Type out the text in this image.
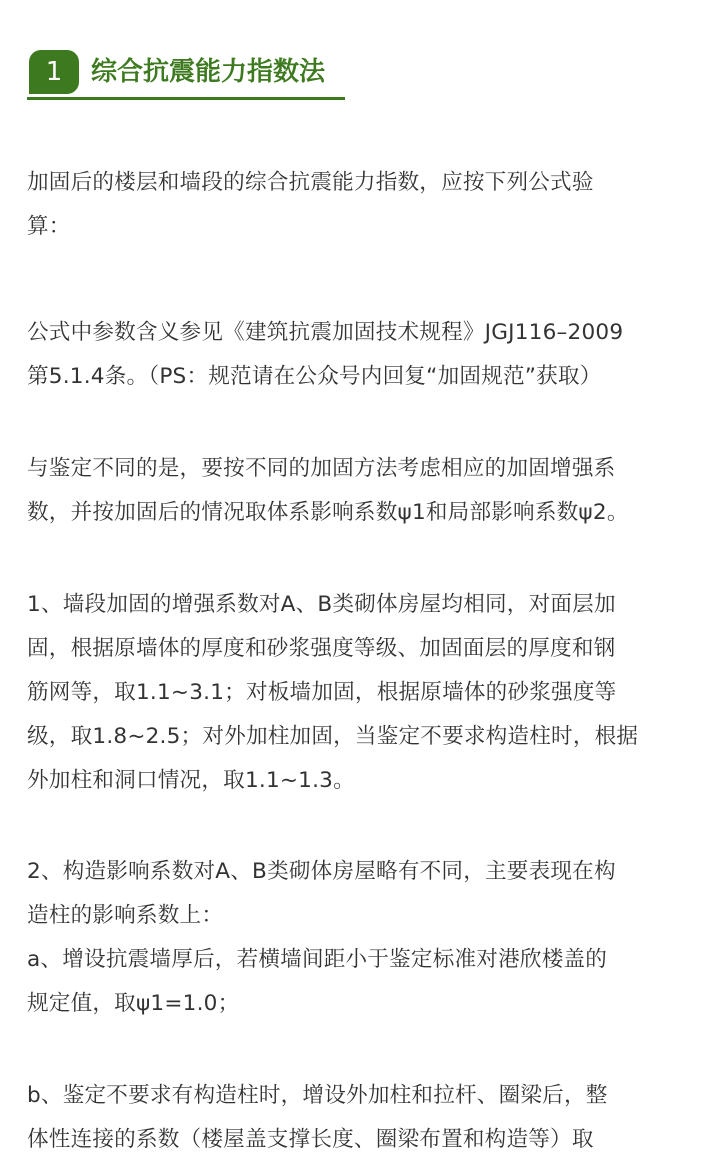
1	综合抗震能力指数法
加固后的楼层和墙段的综合抗震能力指数，应按下列公式验
算：
公式中参数含义参见《建筑抗震加固技术规程》JGJ116–2009
第5.1.4条。（PS：规范请在公众号内回复“加固规范”获取）
与鉴定不同的是，要按不同的加固方法考虑相应的加固增强系
数，并按加固后的情况取体系影响系数ψ1和局部影响系数ψ2。
1、墙段加固的增强系数对A、B类砌体房屋均相同，对面层加
固，根据原墙体的厚度和砂浆强度等级、加固面层的厚度和钢
筋网等，取1.1~3.1；对板墙加固，根据原墙体的砂浆强度等
级，取1.8~2.5；对外加柱加固，当鉴定不要求构造柱时，根据
外加柱和洞口情况，取1.1~1.3。
2、构造影响系数对A、B类砌体房屋略有不同，主要表现在构
造柱的影响系数上：
a、增设抗震墙厚后，若横墙间距小于鉴定标准对港欣楼盖的
规定值，取ψ1=1.0；
b、鉴定不要求有构造柱时，增设外加柱和拉杆、圈梁后，整
体性连接的系数（楼屋盖支撑长度、圈梁布置和构造等）取
